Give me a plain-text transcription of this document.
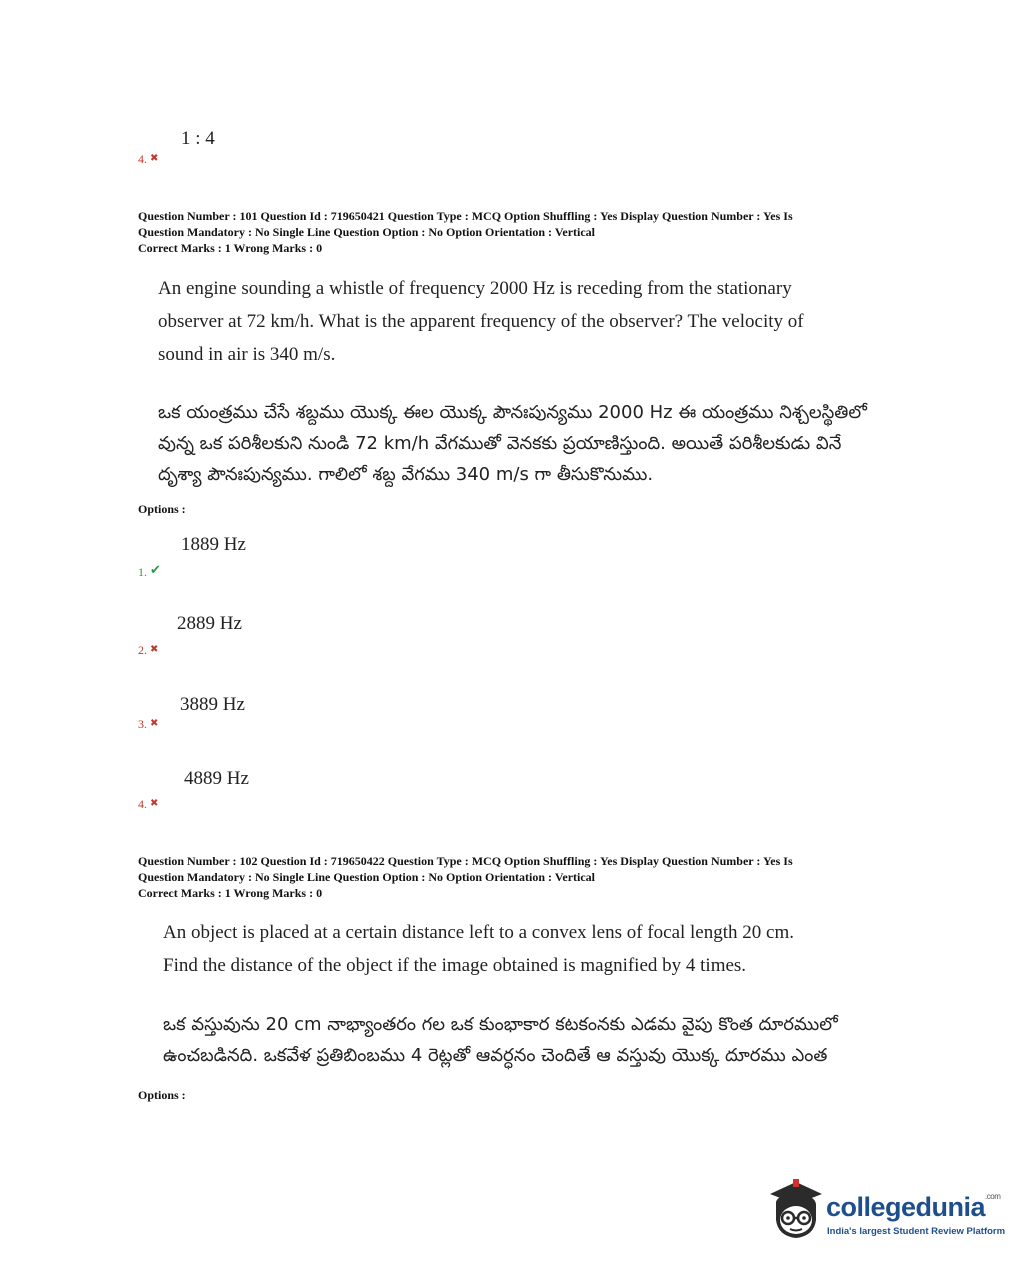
1 : 4
4. ✖
Question Number : 101 Question Id : 719650421 Question Type : MCQ Option Shuffling : Yes Display Question Number : Yes Is
Question Mandatory : No Single Line Question Option : No Option Orientation : Vertical
Correct Marks : 1 Wrong Marks : 0
An engine sounding a whistle of frequency 2000 Hz is receding from the stationary
observer at 72 km/h. What is the apparent frequency of the observer? The velocity of
sound in air is 340 m/s.
ఒక యంత్రము చేసే శబ్దము యొక్క ఈల యొక్క పౌనఃపున్యము 2000 Hz ఈ యంత్రము నిశ్చలస్థితిలో
వున్న ఒక పరిశీలకుని నుండి 72 km/h వేగముతో వెనకకు ప్రయాణిస్తుంది. అయితే పరిశీలకుడు వినే
దృశ్యా పౌనఃపున్యము. గాలిలో శబ్ద వేగము 340 m/s గా తీసుకొనుము.
Options :
1889 Hz
1. ✔
2889 Hz
2. ✖
3889 Hz
3. ✖
4889 Hz
4. ✖
Question Number : 102 Question Id : 719650422 Question Type : MCQ Option Shuffling : Yes Display Question Number : Yes Is
Question Mandatory : No Single Line Question Option : No Option Orientation : Vertical
Correct Marks : 1 Wrong Marks : 0
An object is placed at a certain distance left to a convex lens of focal length 20 cm.
Find the distance of the object if the image obtained is magnified by 4 times.
ఒక వస్తువును 20 cm నాభ్యాంతరం గల ఒక కుంభాకార కటకంనకు ఎడమ వైపు కొంత దూరములో
ఉంచబడినది. ఒకవేళ ప్రతిబింబము 4 రెట్లతో ఆవర్ధనం చెందితే ఆ వస్తువు యొక్క దూరము ఎంత
Options :
collegedunia$^{.com}$
India's largest Student Review Platform
